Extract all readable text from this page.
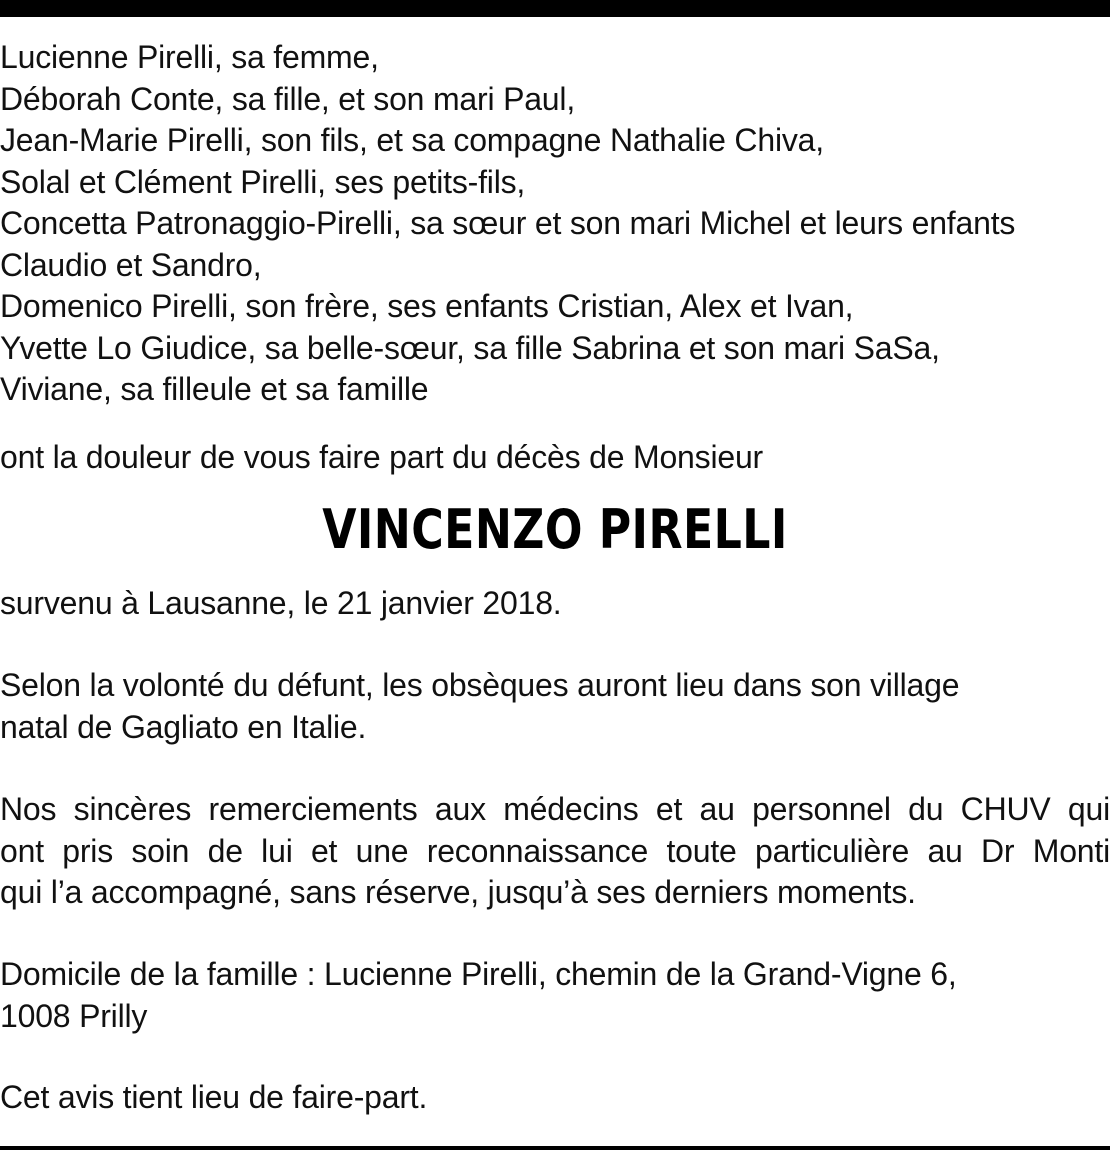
Lucienne Pirelli, sa femme,
Déborah Conte, sa fille, et son mari Paul,
Jean-Marie Pirelli, son fils, et sa compagne Nathalie Chiva,
Solal et Clément Pirelli, ses petits-fils,
Concetta Patronaggio-Pirelli, sa sœur et son mari Michel et leurs enfants
Claudio et Sandro,
Domenico Pirelli, son frère, ses enfants Cristian, Alex et Ivan,
Yvette Lo Giudice, sa belle-sœur, sa fille Sabrina et son mari SaSa,
Viviane, sa filleule et sa famille
ont la douleur de vous faire part du décès de Monsieur
VINCENZO PIRELLI
survenu à Lausanne, le 21 janvier 2018.
Selon la volonté du défunt, les obsèques auront lieu dans son village
natal de Gagliato en Italie.
Nos sincères remerciements aux médecins et au personnel du CHUV qui
ont pris soin de lui et une reconnaissance toute particulière au Dr Monti
qui l’a accompagné, sans réserve, jusqu’à ses derniers moments.
Domicile de la famille : Lucienne Pirelli, chemin de la Grand-Vigne 6,
1008 Prilly
Cet avis tient lieu de faire-part.
